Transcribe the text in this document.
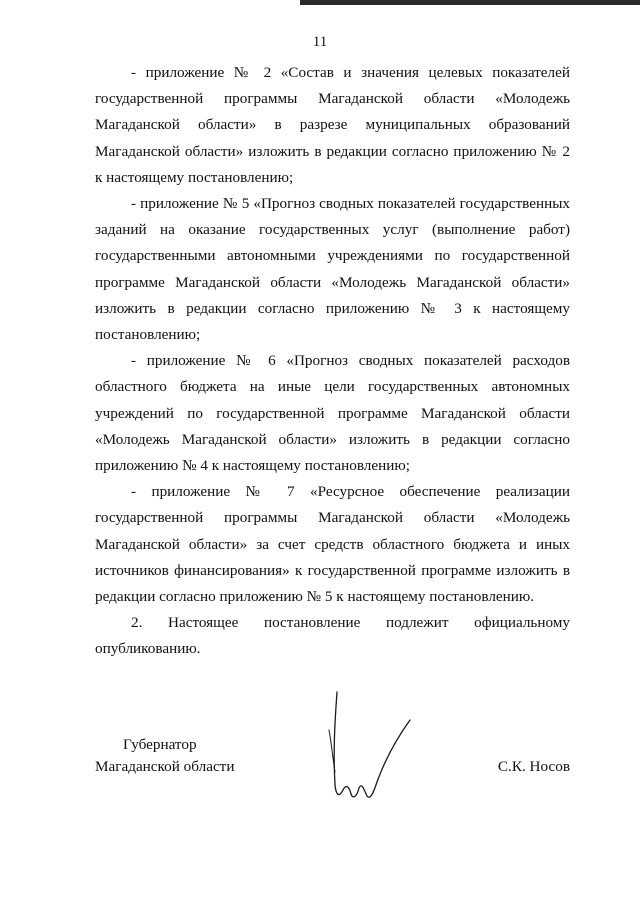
11

- приложение № 2 «Состав и значения целевых показателей государственной программы Магаданской области «Молодежь Магаданской области» в разрезе муниципальных образований Магаданской области» изложить в редакции согласно приложению № 2 к настоящему постановлению;

- приложение № 5 «Прогноз сводных показателей государственных заданий на оказание государственных услуг (выполнение работ) государственными автономными учреждениями по государственной программе Магаданской области «Молодежь Магаданской области» изложить в редакции согласно приложению № 3 к настоящему постановлению;

- приложение № 6 «Прогноз сводных показателей расходов областного бюджета на иные цели государственных автономных учреждений по государственной программе Магаданской области «Молодежь Магаданской области» изложить в редакции согласно приложению № 4 к настоящему постановлению;

- приложение № 7 «Ресурсное обеспечение реализации государственной программы Магаданской области «Молодежь Магаданской области» за счет средств областного бюджета и иных источников финансирования» к государственной программе изложить в редакции согласно приложению № 5 к настоящему постановлению.

2. Настоящее постановление подлежит официальному опубликованию.

Губернатор
Магаданской области	С.К. Носов
